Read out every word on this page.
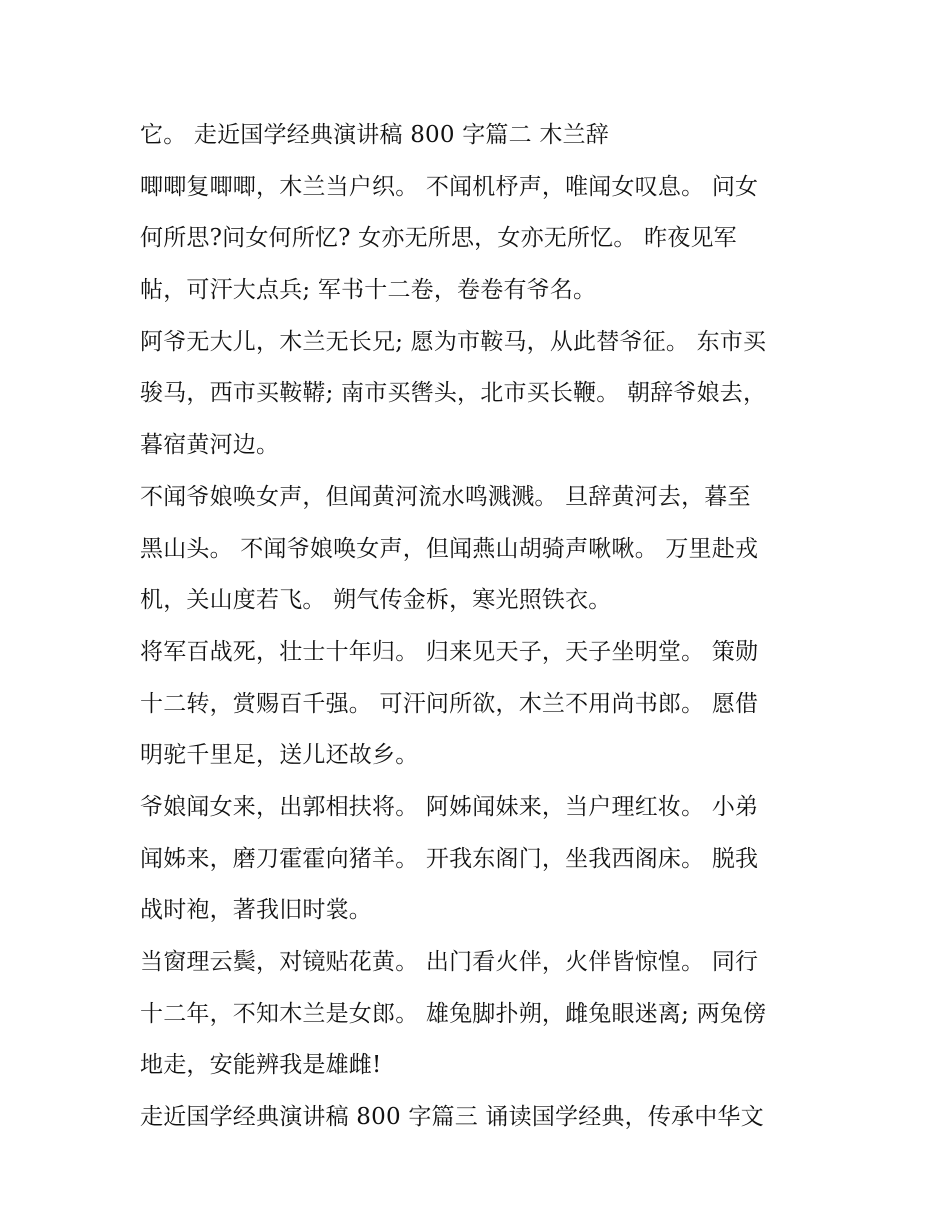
它。 走近国学经典演讲稿 800 字篇二 木兰辞
唧唧复唧唧，木兰当户织。 不闻机杼声，唯闻女叹息。 问女
何所思?问女何所忆? 女亦无所思，女亦无所忆。 昨夜见军
帖，可汗大点兵; 军书十二卷，卷卷有爷名。
阿爷无大儿，木兰无长兄; 愿为市鞍马，从此替爷征。 东市买
骏马，西市买鞍鞯; 南市买辔头，北市买长鞭。 朝辞爷娘去，
暮宿黄河边。
不闻爷娘唤女声，但闻黄河流水鸣溅溅。 旦辞黄河去，暮至
黑山头。 不闻爷娘唤女声，但闻燕山胡骑声啾啾。 万里赴戎
机，关山度若飞。 朔气传金柝，寒光照铁衣。
将军百战死，壮士十年归。 归来见天子，天子坐明堂。 策勋
十二转，赏赐百千强。 可汗问所欲，木兰不用尚书郎。 愿借
明驼千里足，送儿还故乡。
爷娘闻女来，出郭相扶将。 阿姊闻妹来，当户理红妆。 小弟
闻姊来，磨刀霍霍向猪羊。 开我东阁门，坐我西阁床。 脱我
战时袍，著我旧时裳。
当窗理云鬓，对镜贴花黄。 出门看火伴，火伴皆惊惶。 同行
十二年，不知木兰是女郎。 雄兔脚扑朔，雌兔眼迷离; 两兔傍
地走，安能辨我是雄雌!
走近国学经典演讲稿 800 字篇三 诵读国学经典，传承中华文
